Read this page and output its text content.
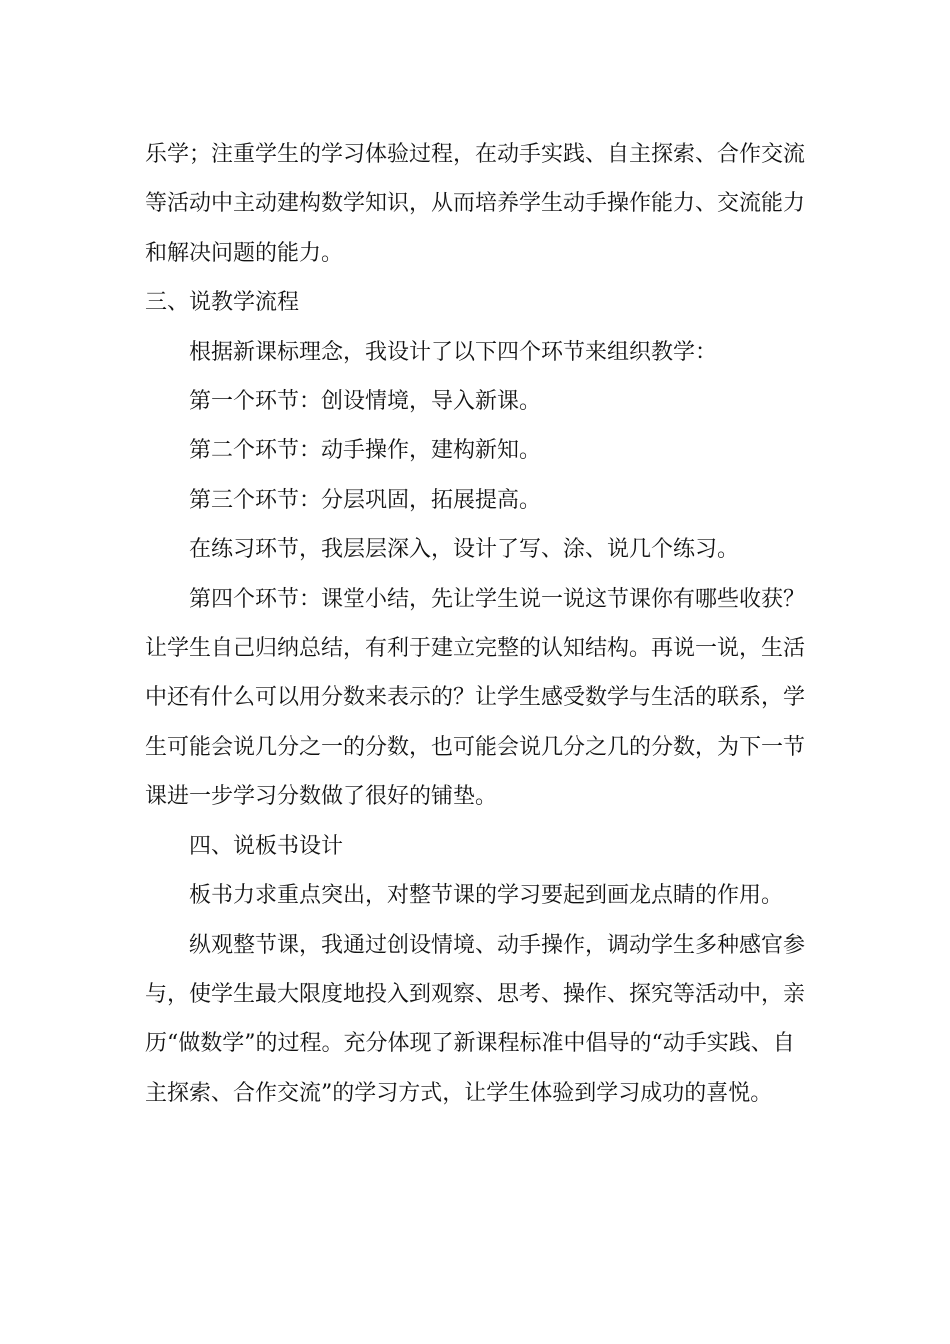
乐学；注重学生的学习体验过程，在动手实践、自主探索、合作交流等活动中主动建构数学知识，从而培养学生动手操作能力、交流能力和解决问题的能力。

三、说教学流程

根据新课标理念，我设计了以下四个环节来组织教学：

第一个环节：创设情境，导入新课。

第二个环节：动手操作，建构新知。

第三个环节：分层巩固，拓展提高。

在练习环节，我层层深入，设计了写、涂、说几个练习。

第四个环节：课堂小结，先让学生说一说这节课你有哪些收获？让学生自己归纳总结，有利于建立完整的认知结构。再说一说，生活中还有什么可以用分数来表示的？让学生感受数学与生活的联系，学生可能会说几分之一的分数，也可能会说几分之几的分数，为下一节课进一步学习分数做了很好的铺垫。

四、说板书设计

板书力求重点突出，对整节课的学习要起到画龙点睛的作用。

纵观整节课，我通过创设情境、动手操作，调动学生多种感官参与，使学生最大限度地投入到观察、思考、操作、探究等活动中，亲历“做数学”的过程。充分体现了新课程标准中倡导的“动手实践、自主探索、合作交流”的学习方式，让学生体验到学习成功的喜悦。
